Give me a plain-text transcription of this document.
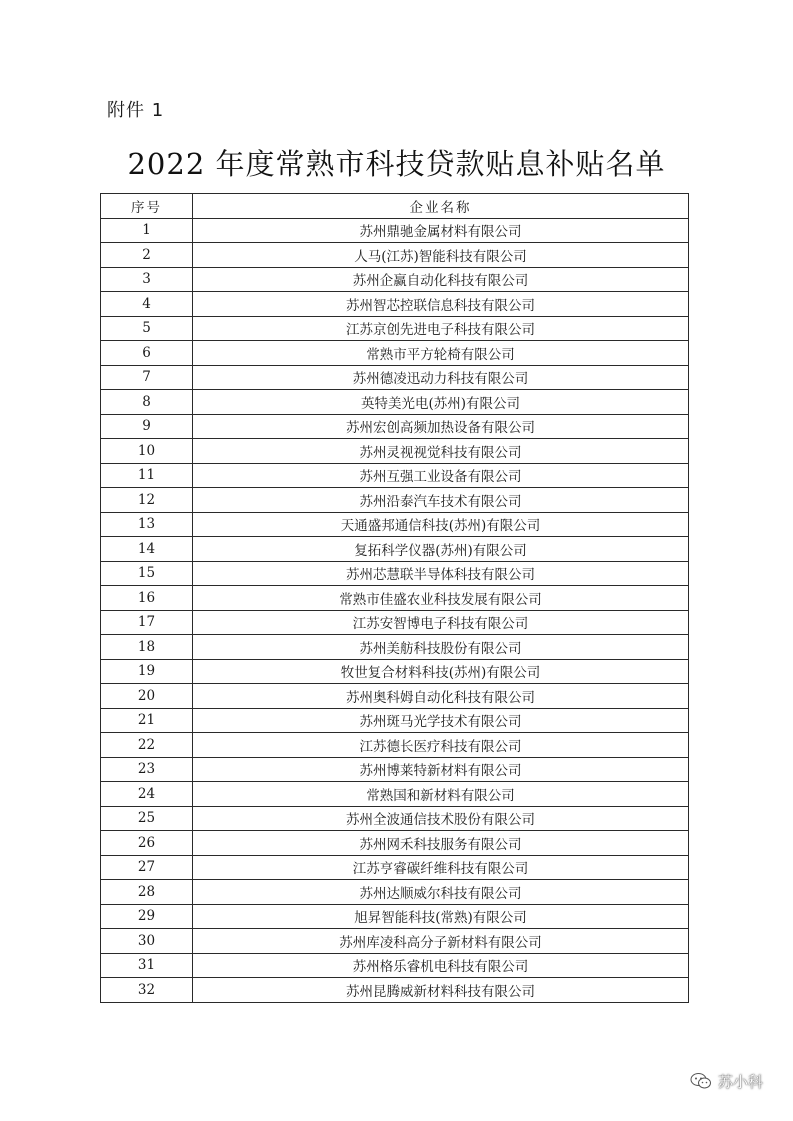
附件 1
2022 年度常熟市科技贷款贴息补贴名单
序号	企业名称
1	苏州鼎驰金属材料有限公司
2	人马(江苏)智能科技有限公司
3	苏州企赢自动化科技有限公司
4	苏州智芯控联信息科技有限公司
5	江苏京创先进电子科技有限公司
6	常熟市平方轮椅有限公司
7	苏州德凌迅动力科技有限公司
8	英特美光电(苏州)有限公司
9	苏州宏创高频加热设备有限公司
10	苏州灵视视觉科技有限公司
11	苏州互强工业设备有限公司
12	苏州沿泰汽车技术有限公司
13	天通盛邦通信科技(苏州)有限公司
14	复拓科学仪器(苏州)有限公司
15	苏州芯慧联半导体科技有限公司
16	常熟市佳盛农业科技发展有限公司
17	江苏安智博电子科技有限公司
18	苏州美舫科技股份有限公司
19	牧世复合材料科技(苏州)有限公司
20	苏州奥科姆自动化科技有限公司
21	苏州斑马光学技术有限公司
22	江苏德长医疗科技有限公司
23	苏州博莱特新材料有限公司
24	常熟国和新材料有限公司
25	苏州全波通信技术股份有限公司
26	苏州网禾科技服务有限公司
27	江苏亨睿碳纤维科技有限公司
28	苏州达顺威尔科技有限公司
29	旭昇智能科技(常熟)有限公司
30	苏州库凌科高分子新材料有限公司
31	苏州格乐睿机电科技有限公司
32	苏州昆腾威新材料科技有限公司
苏小科
